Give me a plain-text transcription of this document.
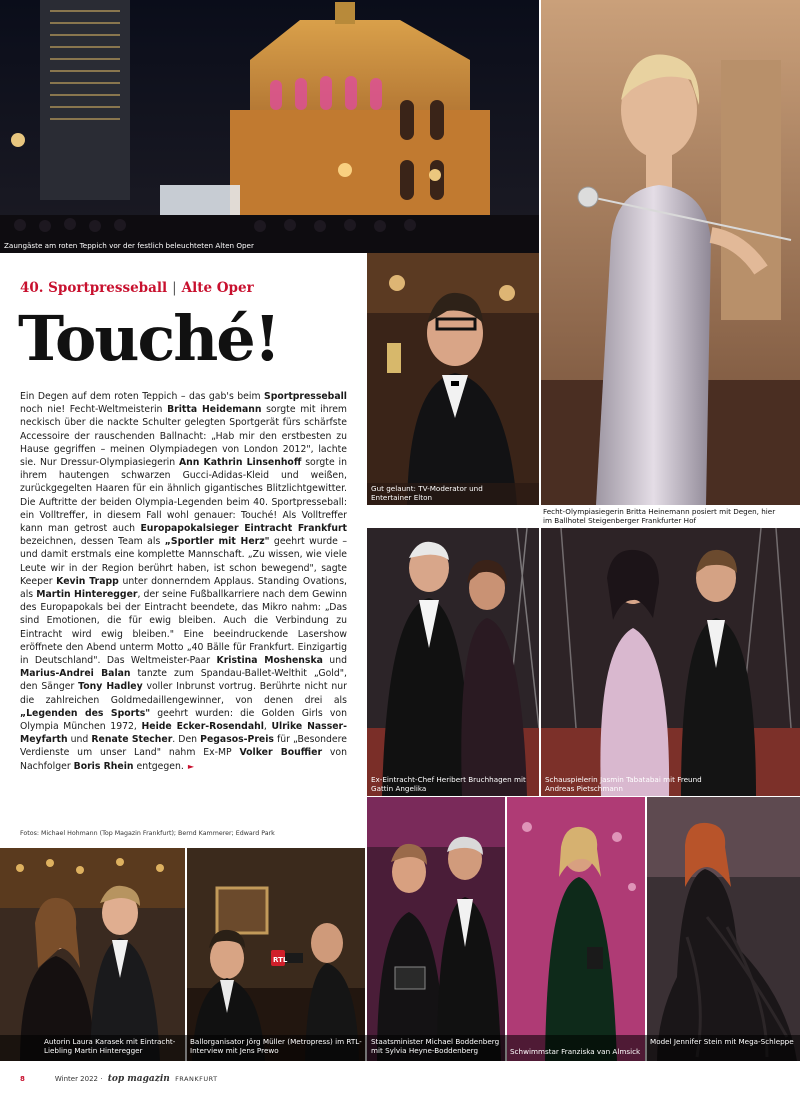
Zaungäste am roten Teppich vor der festlich beleuchteten Alten Oper
Fecht-Olympiasiegerin Britta Heinemann posiert mit Degen, hier im Ballhotel Steigenberger Frankfurter Hof
40. Sportpresseball | Alte Oper
Touché!
Ein Degen auf dem roten Teppich – das gab's beim Sportpresseball noch nie! Fecht-Weltmeisterin Britta Heidemann sorgte mit ihrem neckisch über die nackte Schulter gelegten Sportgerät fürs schärfste Accessoire der rauschenden Ballnacht: „Hab mir den erstbesten zu Hause gegriffen – meinen Olympiadegen von London 2012", lachte sie. Nur Dressur-Olympiasiegerin Ann Kathrin Linsenhoff sorgte in ihrem hautengen schwarzen Gucci-Adidas-Kleid und weißen, zurückgegelten Haaren für ein ähnlich gigantisches Blitzlichtgewitter. Die Auftritte der beiden Olympia-Legenden beim 40. Sportpresseball: ein Volltreffer, in diesem Fall wohl genauer: Touché! Als Volltreffer kann man getrost auch Europapokalsieger Eintracht Frankfurt bezeichnen, dessen Team als „Sportler mit Herz" geehrt wurde – und damit erstmals eine komplette Mannschaft. „Zu wissen, wie viele Leute wir in der Region berührt haben, ist schon bewegend", sagte Keeper Kevin Trapp unter donnerndem Applaus. Standing Ovations, als Martin Hinteregger, der seine Fußballkarriere nach dem Gewinn des Europapokals bei der Eintracht beendete, das Mikro nahm: „Das sind Emotionen, die für ewig bleiben. Auch die Verbindung zu Eintracht wird ewig bleiben." Eine beeindruckende Lasershow eröffnete den Abend unterm Motto „40 Bälle für Frankfurt. Einzigartig in Deutschland". Das Weltmeister-Paar Kristina Moshenska und Marius-Andrei Balan tanzte zum Spandau-Ballet-Welthit „Gold", den Sänger Tony Hadley voller Inbrunst vortrug. Berührte nicht nur die zahlreichen Goldmedaillengewinner, von denen drei als „Legenden des Sports" geehrt wurden: die Golden Girls von Olympia München 1972, Heide Ecker-Rosendahl, Ulrike Nasser-Meyfarth und Renate Stecher. Den Pegasos-Preis für „Besondere Verdienste um unser Land" nahm Ex-MP Volker Bouffier von Nachfolger Boris Rhein entgegen. ►
Fotos: Michael Hohmann (Top Magazin Frankfurt); Bernd Kammerer; Edward Park
Gut gelaunt: TV-Moderator und Entertainer Elton
Ex-Eintracht-Chef Heribert Bruchhagen mit Gattin Angelika
Schauspielerin Jasmin Tabatabai mit Freund Andreas Pietschmann
RTL
Autorin Laura Karasek mit Eintracht-Liebling Martin Hinteregger
Ballorganisator Jörg Müller (Metropress) im RTL-Interview mit Jens Prewo
Staatsminister Michael Boddenberg mit Sylvia Heyne-Boddenberg	Schwimmstar Franziska van Almsick
Model Jennifer Stein mit Mega-Schleppe
8	Winter 2022 · top magazin FRANKFURT
